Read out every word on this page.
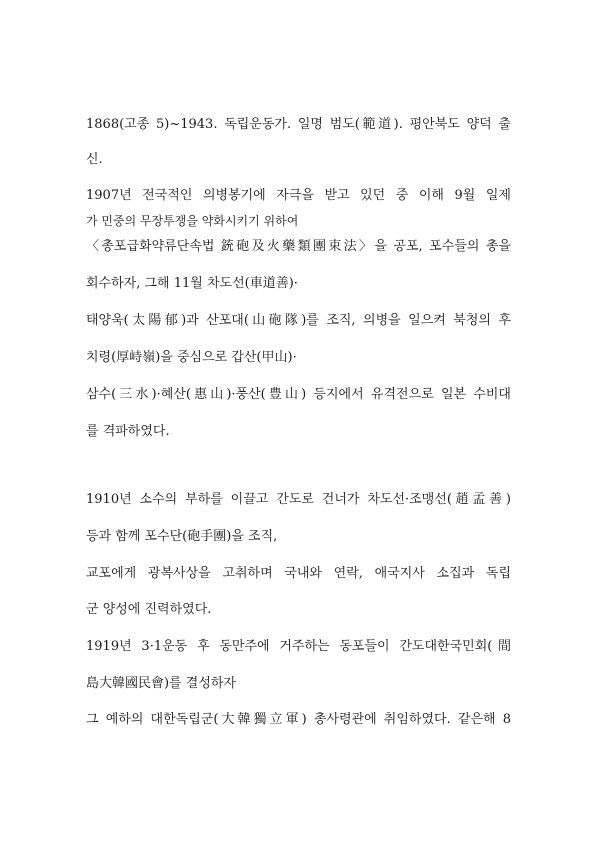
1868(고종 5)~1943. 독립운동가. 일명 범도(範道). 평안북도 양덕 출
신.
1907년 전국적인 의병봉기에 자극을 받고 있던 중 이해 9월 일제
가 민중의 무장투쟁을 약화시키기 위하여
〈총포급화약류단속법 銃砲及火藥類團束法〉을 공포, 포수들의 총을
회수하자, 그해 11월 차도선(車道善)·
태양욱(太陽郁)과 산포대(山砲隊)를 조직, 의병을 일으켜 북청의 후
치령(厚峙嶺)을 중심으로 갑산(甲山)·
삼수(三水)·혜산(惠山)·풍산(豊山) 등지에서 유격전으로 일본 수비대
를 격파하였다.
1910년 소수의 부하를 이끌고 간도로 건너가 차도선·조맹선(趙孟善)
등과 함께 포수단(砲手團)을 조직,
교포에게 광복사상을 고취하며 국내와 연락, 애국지사 소집과 독립
군 양성에 진력하였다.
1919년 3·1운동 후 동만주에 거주하는 동포들이 간도대한국민회(間
島大韓國民會)를 결성하자
그 예하의 대한독립군(大韓獨立軍) 총사령관에 취임하였다. 같은해 8
